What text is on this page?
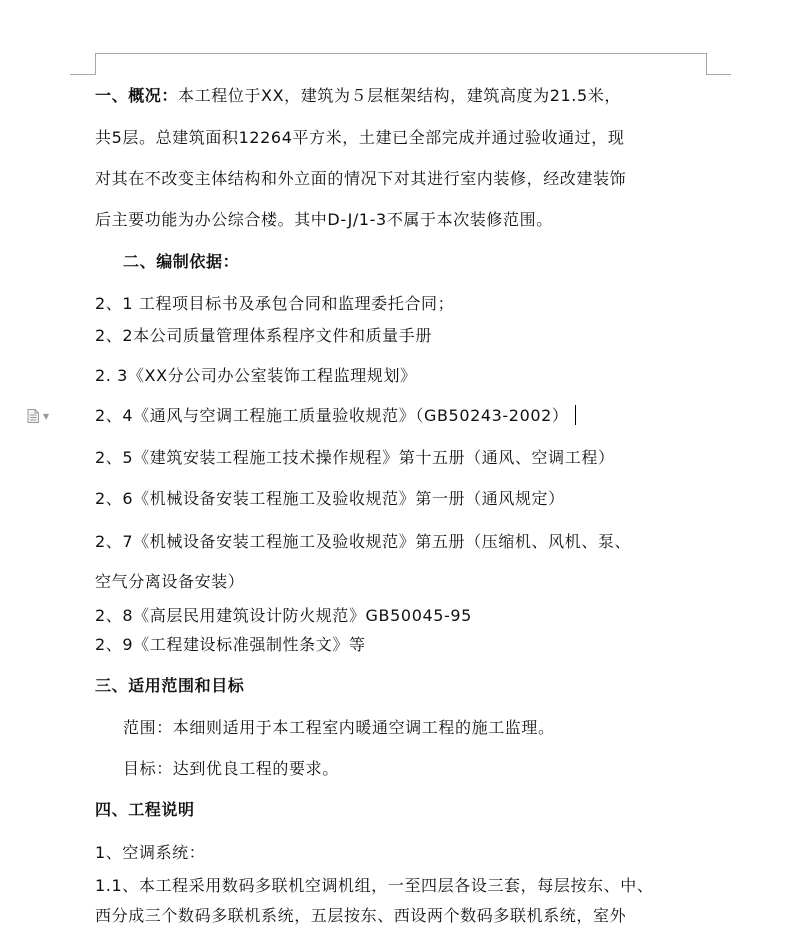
▼
一、概况：本工程位于XX，建筑为５层框架结构，建筑高度为21.5米，
共5层。总建筑面积12264平方米，土建已全部完成并通过验收通过，现
对其在不改变主体结构和外立面的情况下对其进行室内装修，经改建装饰
后主要功能为办公综合楼。其中D-J/1-3不属于本次装修范围。
二、编制依据：
2、1 工程项目标书及承包合同和监理委托合同；
2、2本公司质量管理体系程序文件和质量手册
2. 3《XX分公司办公室装饰工程监理规划》
2、4《通风与空调工程施工质量验收规范》（GB50243-2002）
2、5《建筑安装工程施工技术操作规程》第十五册（通风、空调工程）
2、6《机械设备安装工程施工及验收规范》第一册（通风规定）
2、7《机械设备安装工程施工及验收规范》第五册（压缩机、风机、泵、
空气分离设备安装）
2、8《高层民用建筑设计防火规范》GB50045-95
2、9《工程建设标准强制性条文》等
三、适用范围和目标
范围：本细则适用于本工程室内暖通空调工程的施工监理。
目标：达到优良工程的要求。
四、工程说明
1、空调系统：
1.1、本工程采用数码多联机空调机组，一至四层各设三套，每层按东、中、
西分成三个数码多联机系统，五层按东、西设两个数码多联机系统，室外
